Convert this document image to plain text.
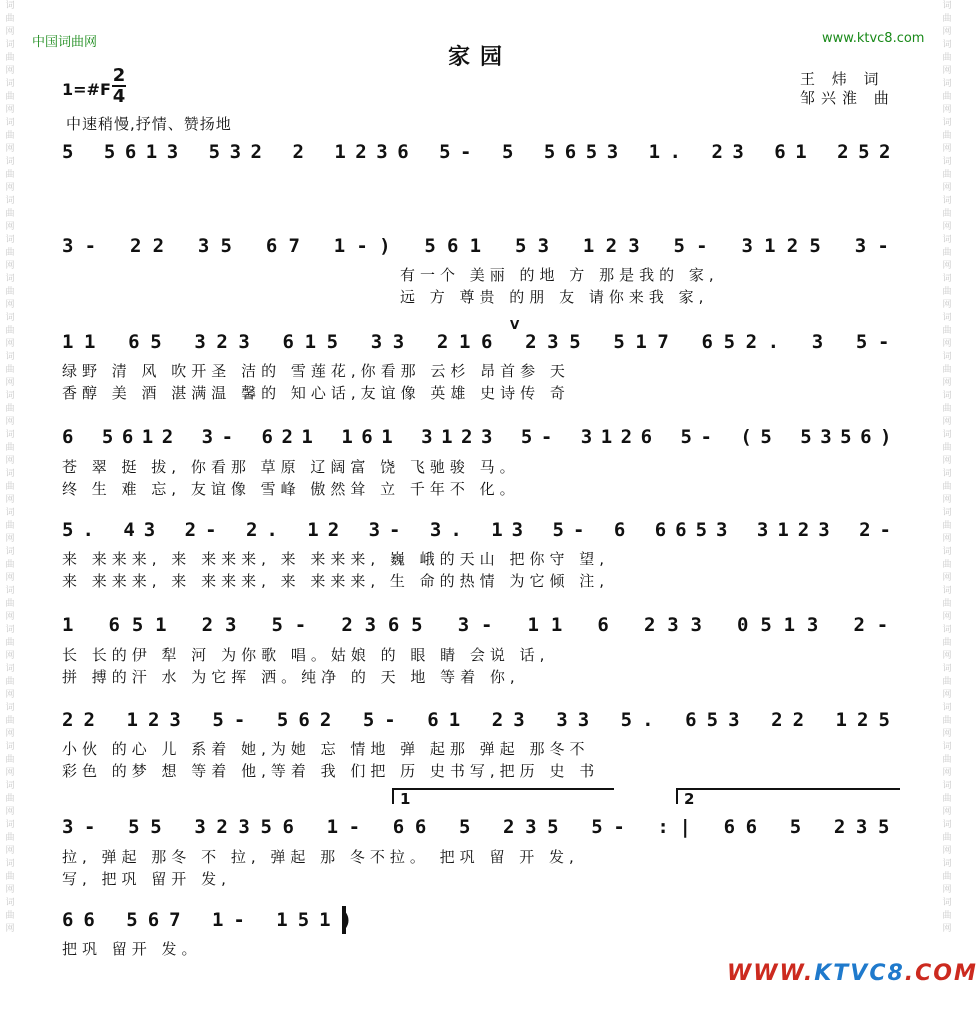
词曲网词曲网词曲网词曲网词曲网词曲网词曲网词曲网词曲网词曲网词曲网词曲网词曲网词曲网词曲网词曲网词曲网词曲网词曲网词曲网词曲网词曲网词曲网词曲网
词曲网词曲网词曲网词曲网词曲网词曲网词曲网词曲网词曲网词曲网词曲网词曲网词曲网词曲网词曲网词曲网词曲网词曲网词曲网词曲网词曲网词曲网词曲网词曲网
中国词曲网	www.ktvc8.com
家园
1=#F
2
4
王 炜 词
邹兴淮 曲
中速稍慢,抒情、赞扬地
5
5 6 1 3
5 3 2
2
1 2 3 6
5 -
5
5 6 5 3
1 .
2 3
6 1
2 5 2
3 -
2 2
3 5
6 7
1 - )
5 6 1
5 3
1 2 3
5 -
3 1 2 5
3 -
有一个 美丽 的地 方 那是我的 家,
远 方 尊贵 的朋 友 请你来我 家,
1 1
6 5
3 2 3
6 1 5
3 3
2 1 6
2 3 5
5 1 7
6 5 2 .
3
5 -
V
绿野 清 风 吹开圣 洁的 雪莲花,你看那 云杉 昂首参 天
香醇 美 酒 湛满温 馨的 知心话,友谊像 英雄 史诗传 奇
6
5 6 1 2
3 -
6 2 1
1 6 1
3 1 2 3
5 -
3 1 2 6
5 -
( 5
5 3 5 6 )
苍 翠 挺 拔, 你看那 草原 辽阔富 饶 飞驰骏 马。
终 生 难 忘, 友谊像 雪峰 傲然耸 立 千年不 化。
5 .
4 3
2 -
2 .
1 2
3 -
3 .
1 3
5 -
6
6 6 5 3
3 1 2 3
2 -
来 来来来, 来 来来来, 来 来来来, 巍 峨的天山 把你守 望,
来 来来来, 来 来来来, 来 来来来, 生 命的热情 为它倾 注,
1
6 5 1
2 3
5 -
2 3 6 5
3 -
1 1
6
2 3 3
0 5 1 3
2 -
长 长的伊 犁 河 为你歌 唱。姑娘 的 眼 睛 会说 话,
拼 搏的汗 水 为它挥 洒。纯净 的 天 地 等着 你,
2 2
1 2 3
5 -
5 6 2
5 -
6 1
2 3
3 3
5 .
6 5 3
2 2
1 2 5
小伙 的心 儿 系着 她,为她 忘 情地 弹 起那 弹起 那冬不
彩色 的梦 想 等着 他,等着 我 们把 历 史书写,把历 史 书
1	2
3 -
5 5
3 2 3 5 6
1 -
6 6
5
2 3 5
5 -
: |
6 6
5
2 3 5
拉, 弹起 那冬 不 拉, 弹起 那 冬不拉。 把巩 留 开 发,
写, 把巩 留开 发,
6 6
5 6 7
1 -
1 5 1 )
把巩 留开 发。
WWW.KTVC8.COM
